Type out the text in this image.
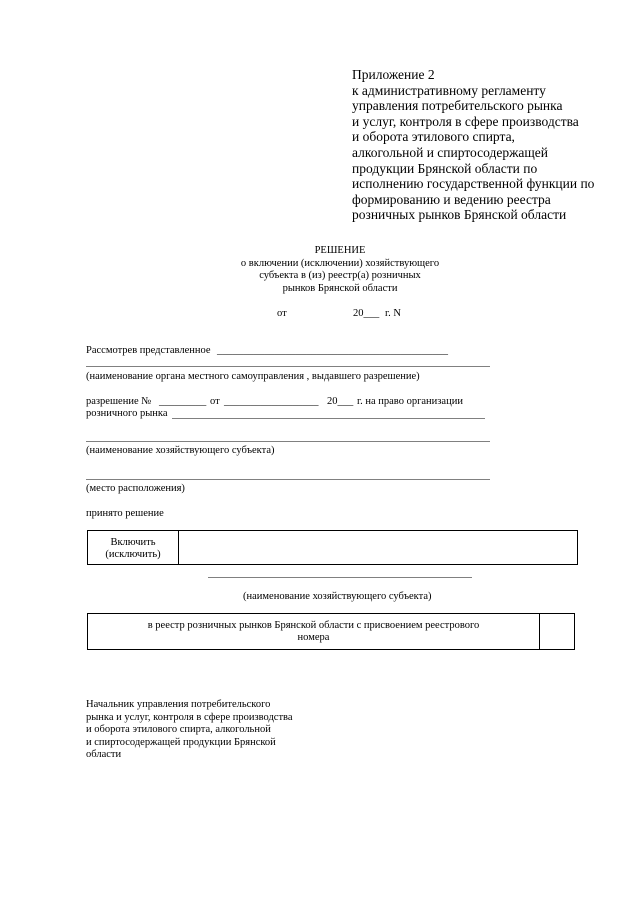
Приложение 2
к административному регламенту
управления потребительского рынка
и услуг, контроля в сфере производства
и оборота этилового спирта,
алкогольной и спиртосодержащей
продукции Брянской области по
исполнению государственной функции по
формированию и ведению реестра
розничных рынков Брянской области
РЕШЕНИЕ
о включении (исключении) хозяйствующего
субъекта в (из) реестр(а) розничных
рынков Брянской области
от	20___ г. N
Рассмотрев представленное ____________________________________________
(наименование органа местного самоуправления , выдавшего разрешение)
разрешение № _________ от __________________ 20___ г. на право организации
розничного рынка
(наименование хозяйствующего субъекта)
(место расположения)
принято решение
Включить
(исключить)
(наименование хозяйствующего субъекта)
в реестр розничных рынков Брянской области с присвоением реестрового
номера
Начальник управления потребительского
рынка и услуг, контроля в сфере производства
и оборота этилового спирта, алкогольной
и спиртосодержащей продукции Брянской
области
